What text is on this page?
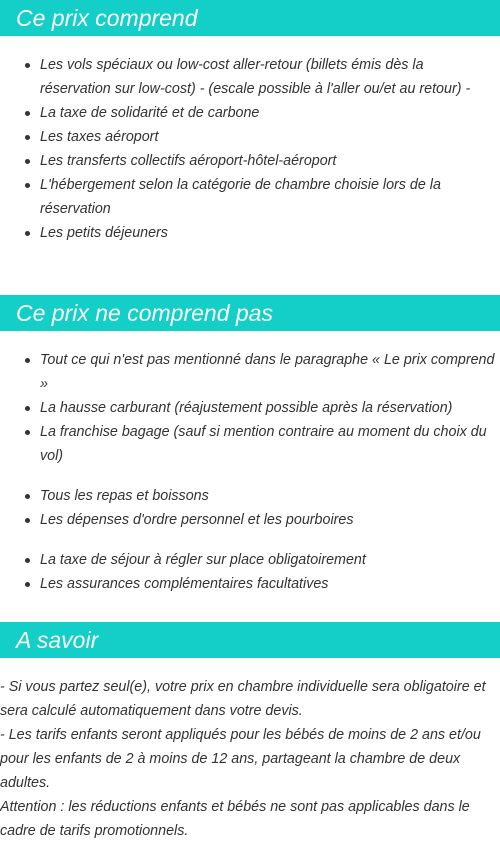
Ce prix comprend
Les vols spéciaux ou low-cost aller-retour (billets émis dès la réservation sur low-cost) - (escale possible à l'aller ou/et au retour) -
La taxe de solidarité et de carbone
Les taxes aéroport
Les transferts collectifs aéroport-hôtel-aéroport
L'hébergement selon la catégorie de chambre choisie lors de la réservation
Les petits déjeuners
Ce prix ne comprend pas
Tout ce qui n'est pas mentionné dans le paragraphe « Le prix comprend »
La hausse carburant (réajustement possible après la réservation)
La franchise bagage (sauf si mention contraire au moment du choix du vol)
Tous les repas et boissons
Les dépenses d'ordre personnel et les pourboires
La taxe de séjour à régler sur place obligatoirement
Les assurances complémentaires facultatives
A savoir

- Si vous partez seul(e), votre prix en chambre individuelle sera obligatoire et sera calculé automatiquement dans votre devis.

- Les tarifs enfants seront appliqués pour les bébés de moins de 2 ans et/ou pour les enfants de 2 à moins de 12 ans, partageant la chambre de deux adultes.

Attention : les réductions enfants et bébés ne sont pas applicables dans le cadre de tarifs promotionnels.
